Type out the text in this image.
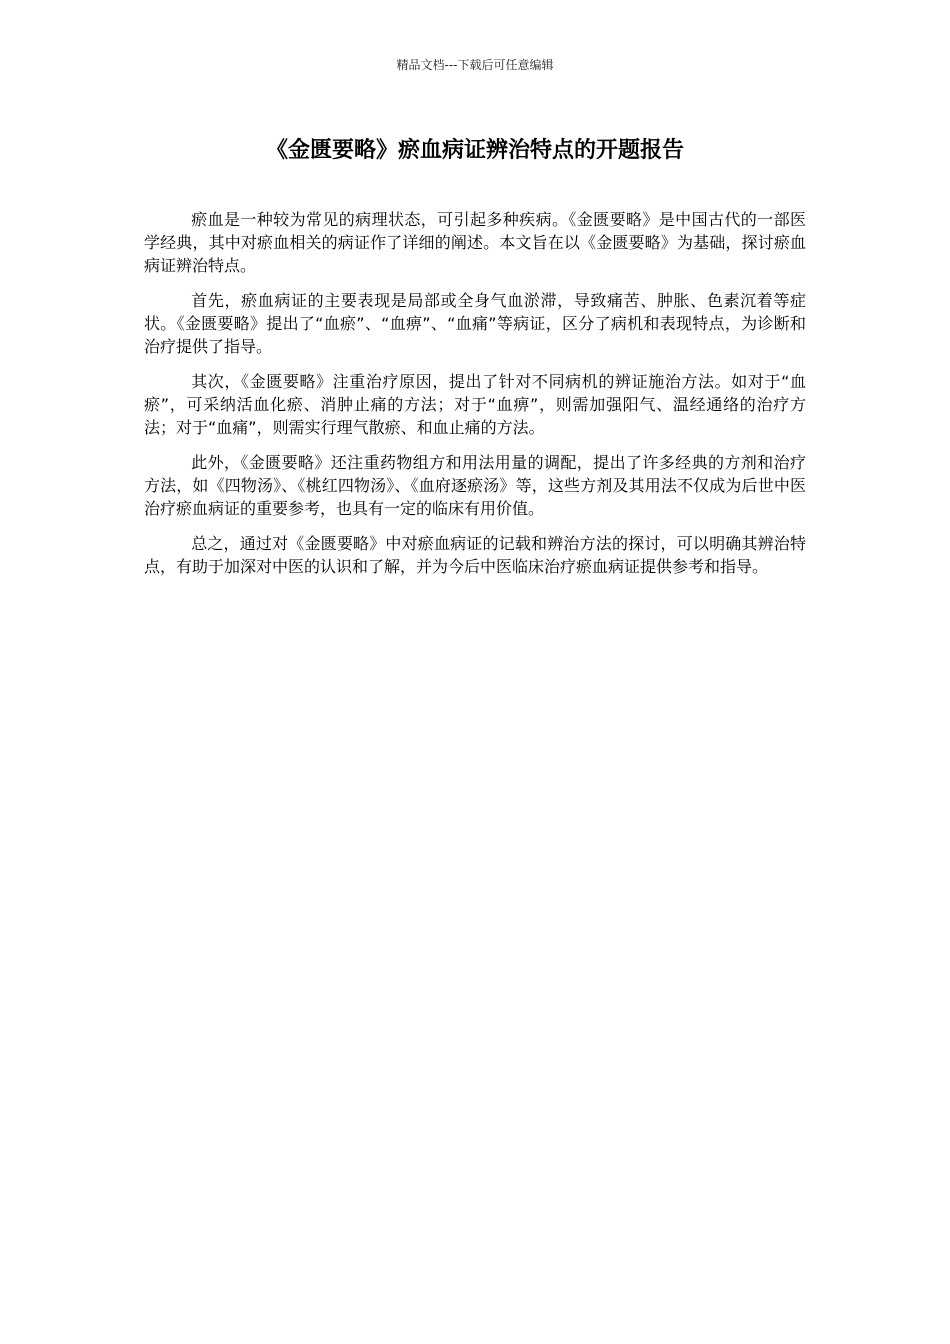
精品文档---下载后可任意编辑
《金匮要略》瘀血病证辨治特点的开题报告

瘀血是一种较为常见的病理状态，可引起多种疾病。《金匮要略》是中国古代的一部医学经典，其中对瘀血相关的病证作了详细的阐述。本文旨在以《金匮要略》为基础，探讨瘀血病证辨治特点。

首先，瘀血病证的主要表现是局部或全身气血淤滞，导致痛苦、肿胀、色素沉着等症状。《金匮要略》提出了“血瘀”、“血痹”、“血痛”等病证，区分了病机和表现特点，为诊断和治疗提供了指导。

其次，《金匮要略》注重治疗原因，提出了针对不同病机的辨证施治方法。如对于“血瘀”，可采纳活血化瘀、消肿止痛的方法；对于“血痹”，则需加强阳气、温经通络的治疗方法；对于“血痛”，则需实行理气散瘀、和血止痛的方法。

此外，《金匮要略》还注重药物组方和用法用量的调配，提出了许多经典的方剂和治疗方法，如《四物汤》、《桃红四物汤》、《血府逐瘀汤》等，这些方剂及其用法不仅成为后世中医治疗瘀血病证的重要参考，也具有一定的临床有用价值。

总之，通过对《金匮要略》中对瘀血病证的记载和辨治方法的探讨，可以明确其辨治特点，有助于加深对中医的认识和了解，并为今后中医临床治疗瘀血病证提供参考和指导。
